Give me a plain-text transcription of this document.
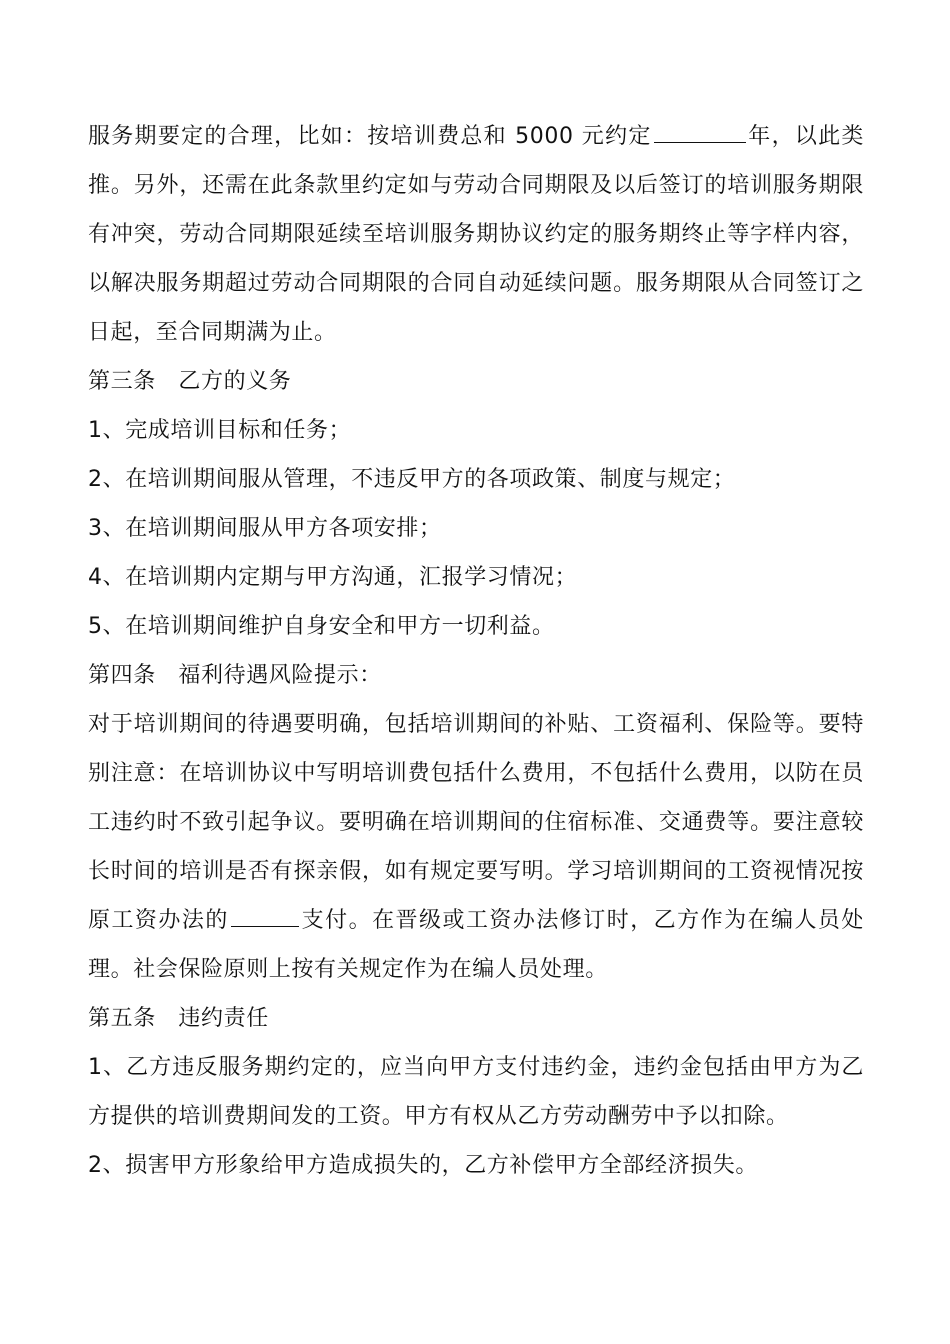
服务期要定的合理，比如：按培训费总和 5000 元约定	年，以此类推。另外，还需在此条款里约定如与劳动合同期限及以后签订的培训服务期限有冲突，劳动合同期限延续至培训服务期协议约定的服务期终止等字样内容，以解决服务期超过劳动合同期限的合同自动延续问题。服务期限从合同签订之日起，至合同期满为止。

第三条　乙方的义务

1、完成培训目标和任务；

2、在培训期间服从管理，不违反甲方的各项政策、制度与规定；

3、在培训期间服从甲方各项安排；

4、在培训期内定期与甲方沟通，汇报学习情况；

5、在培训期间维护自身安全和甲方一切利益。

第四条　福利待遇风险提示：

对于培训期间的待遇要明确，包括培训期间的补贴、工资福利、保险等。要特别注意：在培训协议中写明培训费包括什么费用，不包括什么费用，以防在员工违约时不致引起争议。要明确在培训期间的住宿标准、交通费等。要注意较长时间的培训是否有探亲假，如有规定要写明。学习培训期间的工资视情况按原工资办法的	支付。在晋级或工资办法修订时，乙方作为在编人员处理。社会保险原则上按有关规定作为在编人员处理。

第五条　违约责任

1、乙方违反服务期约定的，应当向甲方支付违约金，违约金包括由甲方为乙方提供的培训费期间发的工资。甲方有权从乙方劳动酬劳中予以扣除。

2、损害甲方形象给甲方造成损失的，乙方补偿甲方全部经济损失。
